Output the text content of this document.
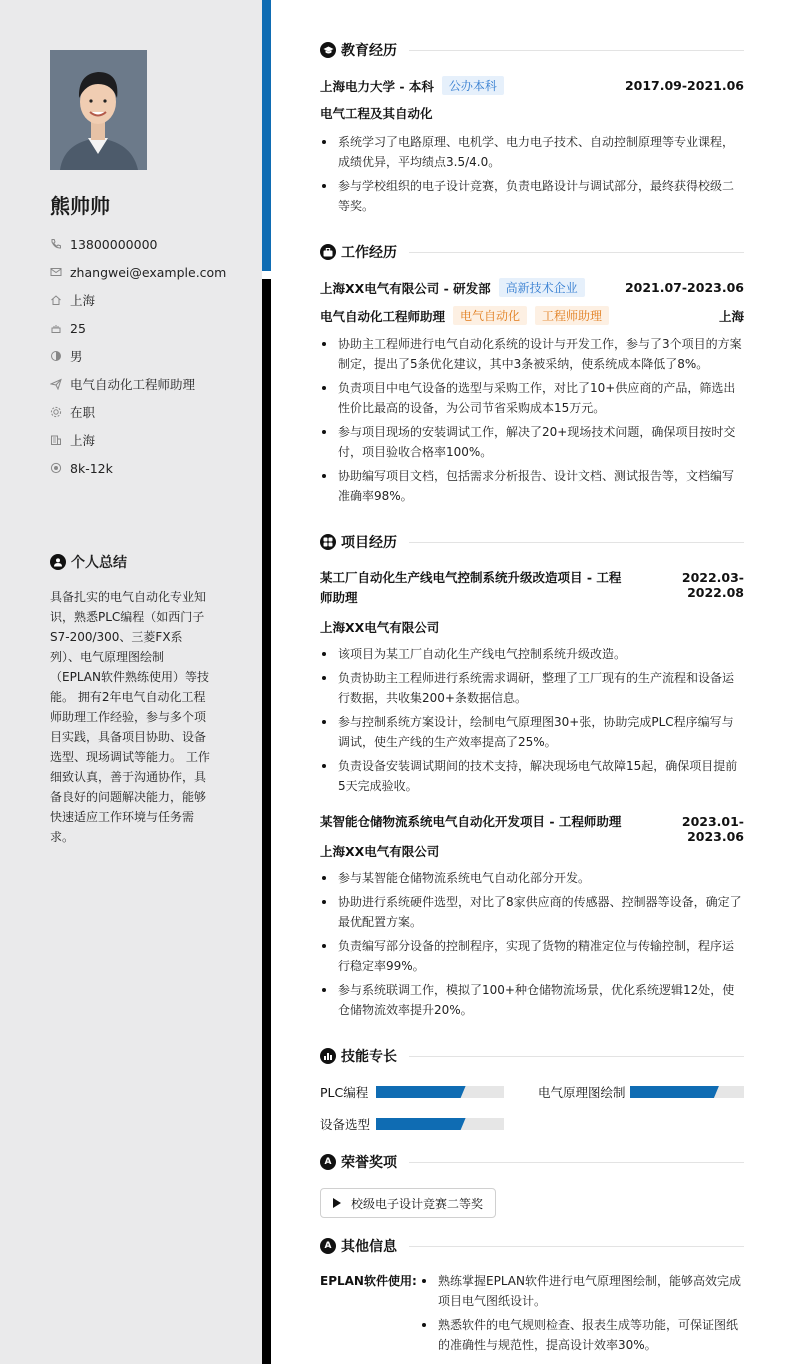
熊帅帅
13800000000
zhangwei@example.com
上海
25
男
电气自动化工程师助理
在职
上海
8k-12k
个人总结
具备扎实的电气自动化专业知识，熟悉PLC编程（如西门子S7-200/300、三菱FX系列）、电气原理图绘制（EPLAN软件熟练使用）等技能。 拥有2年电气自动化工程师助理工作经验，参与多个项目实践，具备项目协助、设备选型、现场调试等能力。 工作细致认真，善于沟通协作，具备良好的问题解决能力，能够快速适应工作环境与任务需求。
教育经历
上海电力大学 - 本科	公办本科	2017.09-2021.06
电气工程及其自动化
系统学习了电路原理、电机学、电力电子技术、自动控制原理等专业课程，成绩优异，平均绩点3.5/4.0。
参与学校组织的电子设计竞赛，负责电路设计与调试部分，最终获得校级二等奖。
工作经历
上海XX电气有限公司 - 研发部	高新技术企业	2021.07-2023.06
电气自动化工程师助理	电气自动化	工程师助理	上海
协助主工程师进行电气自动化系统的设计与开发工作，参与了3个项目的方案制定，提出了5条优化建议，其中3条被采纳，使系统成本降低了8%。
负责项目中电气设备的选型与采购工作，对比了10+供应商的产品，筛选出性价比最高的设备，为公司节省采购成本15万元。
参与项目现场的安装调试工作，解决了20+现场技术问题，确保项目按时交付，项目验收合格率100%。
协助编写项目文档，包括需求分析报告、设计文档、测试报告等，文档编写准确率98%。
项目经历
某工厂自动化生产线电气控制系统升级改造项目 - 工程师助理
2022.03-2022.08
上海XX电气有限公司
该项目为某工厂自动化生产线电气控制系统升级改造。
负责协助主工程师进行系统需求调研，整理了工厂现有的生产流程和设备运行数据，共收集200+条数据信息。
参与控制系统方案设计，绘制电气原理图30+张，协助完成PLC程序编写与调试，使生产线的生产效率提高了25%。
负责设备安装调试期间的技术支持，解决现场电气故障15起，确保项目提前5天完成验收。
某智能仓储物流系统电气自动化开发项目 - 工程师助理	2023.01-2023.06
上海XX电气有限公司
参与某智能仓储物流系统电气自动化部分开发。
协助进行系统硬件选型，对比了8家供应商的传感器、控制器等设备，确定了最优配置方案。
负责编写部分设备的控制程序，实现了货物的精准定位与传输控制，程序运行稳定率99%。
参与系统联调工作，模拟了100+种仓储物流场景，优化系统逻辑12处，使仓储物流效率提升20%。
技能专长
PLC编程	电气原理图绘制
设备选型
A 荣誉奖项
校级电子设计竞赛二等奖
A 其他信息
EPLAN软件使用:	熟练掌握EPLAN软件进行电气原理图绘制，能够高效完成项目电气图纸设计。
熟悉软件的电气规则检查、报表生成等功能，可保证图纸的准确性与规范性，提高设计效率30%。
